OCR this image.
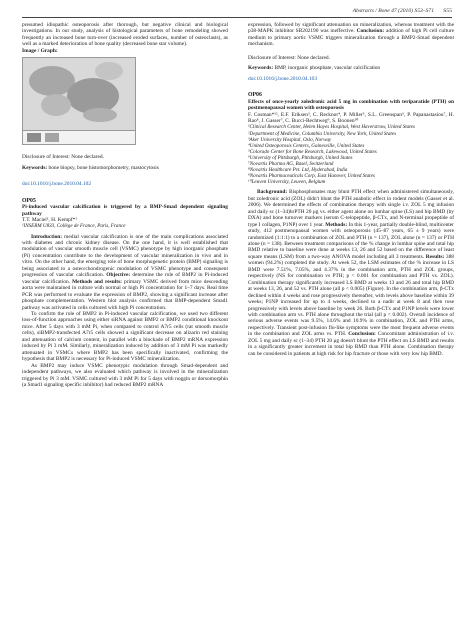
Abstracts / Bone 47 (2010) S53–S71 S55

presumed idiopathic osteoporosis after thorough, but negative clinical and biological investigations. In our study, analysis of histological parameters of bone remodeling showed frequently an increased bone turn-over (increased eroded surfaces, number of osteoclasts), as well as a marked deterioration of bone quality (decreased bone star volume).

Image / Graph:

Disclosure of Interest: None declared.

Keywords: bone biopsy, bone histomorphometry, mastocytosis

doi:10.1016/j.bone.2010.04.102

OP05

Pi-induced vascular calcification is triggered by a BMP-Smad dependent signaling pathway

T.T. Maciel¹, H. Kempf*¹

¹INSERM U833, Collège de France, Paris, France

Introduction: medial vascular calcification is one of the main complications associated with diabetes and chronic kidney disease. On the one hand, it is well established that modulation of vascular smooth muscle cell (VSMC) phenotype by high inorganic phosphate (Pi) concentration contribute to the development of vascular mineralization in vivo and in vitro. On the other hand, the emerging role of bone morphogenetic protein (BMP) signaling is being associated to a osteo/chondrogenic modulation of VSMC phenotype and consequent progression of vascular calcification. Objective: determine the role of BMP2 in Pi-induced vascular calcification. Methods and results: primary VSMC derived from mice descending aorta were maintained in culture with normal or high Pi concentration for 1–7 days. Real time PCR was performed to evaluate the expression of BMP2, showing a significant increase after phosphate complementation. Western blot analysis confirmed that BMP-dependent Smad1 pathway was activated in cells cultured with high Pi concentration.

To confirm the role of BMP2 in Pi-induced vascular calcification, we used two different loss-of-function approaches using either siRNA against BMP2 or BMP2 conditional knockout mice. After 5 days with 3 mM Pi, when compared to control A7r5 cells (rat smooth muscle cells), siBMP2-transfected A7r5 cells showed a significant decrease on alizarin red staining and attenuation of calcium content, in parallel with a blockade of BMP2 mRNA expression induced by Pi 3 mM. Similarly, mineralization induced by addition of 3 mM Pi was markedly attenuated in VSMCs where BMP2 has been specifically inactivated, confirming the hypothesis that BMP2 is necessary for Pi-induced VSMC mineralization.

As BMP2 may induce VSMC phenotypic modulation through Smad-dependent and independent pathways, we also evaluated which pathway is involved in the mineralization triggered by Pi 3 mM. VSMC cultured with 3 mM Pi for 5 days with noggin or dorsomorphin (a Smad1 signaling specific inhibitor) had reduced BMP2 mRNA

expression, followed by significant attenuation on mineralization, whereas treatment with the p38-MAPK inhibitor SB202190 was ineffective. Conclusion: addition of high Pi cell culture medium to primary aortic VSMC triggers mineralization through a BMP2-Smad dependent mechanism.

Disclosure of Interest: None declared.

Keywords: BMP, inorganic phosphate, vascular calcification

doi:10.1016/j.bone.2010.04.103

OP06

Effects of once-yearly zoledronic acid 5 mg in combination with teriparatide (PTH) on postmenopausal women with osteoporosis

F. Cosman*¹², E.F. Eriksen³, C. Recknor⁴, P. Miller⁵, S.L. Greenspan⁶, P. Papanastasiou⁷, H. Rao⁸, J. Gasser⁷, C. Bucci-Rechtweg⁹, S. Boonen¹⁰

¹Clinical Research Center, Helen Hayes Hospital, West Haverstraw, United States

²Department of Medicine, Columbia University, New York, United States

³Aker University Hospital, Oslo, Norway

⁴United Osteoporosis Centers, Gainesville, United States

⁵Colorado Center for Bone Research, Lakewood, United States

⁶University of Pittsburgh, Pittsburgh, United States

⁷Novartis Pharma AG, Basel, Switzerland

⁸Novartis Healthcare Pvt. Ltd, Hyderabad, India

⁹Novartis Pharmaceuticals Corp, East Hanover, United States

¹⁰Leuven University, Leuven, Belgium

Background: Bisphosphonates may blunt PTH effect when administered simultaneously, but zoledronic acid (ZOL) didn't blunt the PTH anabolic effect in rodent models (Gasser et al. 2006). We determined the effects of combination therapy with single i.v. ZOL 5 mg infusion and daily sc (1–34)hrPTH 20 μg vs. either agent alone on lumbar spine (LS) and hip BMD (by DXA) and bone turnover markers (serum C-telopeptide, β-CTx, and N-terminal propeptide of type I collagen, P1NP) over 1 year. Methods: In this 1-year, partially double-blind, multicenter study, 412 postmenopausal women with osteoporosis (45–87 years, 65 ± 9 years) were randomized (1:1:1) to a combination of ZOL and PTH (n = 137), ZOL alone (n = 137) or PTH alone (n = 138). Between treatment comparisons of the % change in lumbar spine and total hip BMD relative to baseline were done at weeks 13, 26 and 52 based on the difference of least square means (LSM) from a two-way ANOVA model including all 3 treatments. Results: 388 women (94.2%) completed the study. At week 52, the LSM estimates of the % increase in LS BMD were 7.51%, 7.05%, and 4.37% in the combination arm, PTH and ZOL groups, respectively (NS for combination vs PTH; p < 0.001 for combination and PTH vs. ZOL). Combination therapy significantly increased LS BMD at weeks 13 and 26 and total hip BMD at weeks 13, 26, and 52 vs. PTH alone (all p < 0.005) (Figure). In the combination arm, β-CTx declined within 4 weeks and rose progressively thereafter, with levels above baseline within 39 weeks; P1NP increased for up to 4 weeks, declined to a nadir at week 8 and then rose progressively with levels above baseline by week 26. Both β-CTx and P1NP levels were lower with combination arm vs. PTH alone throughout the trial (all p < 0.002). Overall incidence of serious adverse events was 9.5%, 14.6% and 10.9% in combination, ZOL and PTH arms, respectively. Transient post-infusion flu-like symptoms were the most frequent adverse events in the combination and ZOL arms vs. PTH. Conclusion: Concomitant administration of i.v. ZOL 5 mg and daily sc (1–34) PTH 20 μg doesn't blunt the PTH effect on LS BMD and results in a significantly greater increment in total hip BMD than PTH alone. Combination therapy can be considered in patients at high risk for hip fracture or those with very low hip BMD.
